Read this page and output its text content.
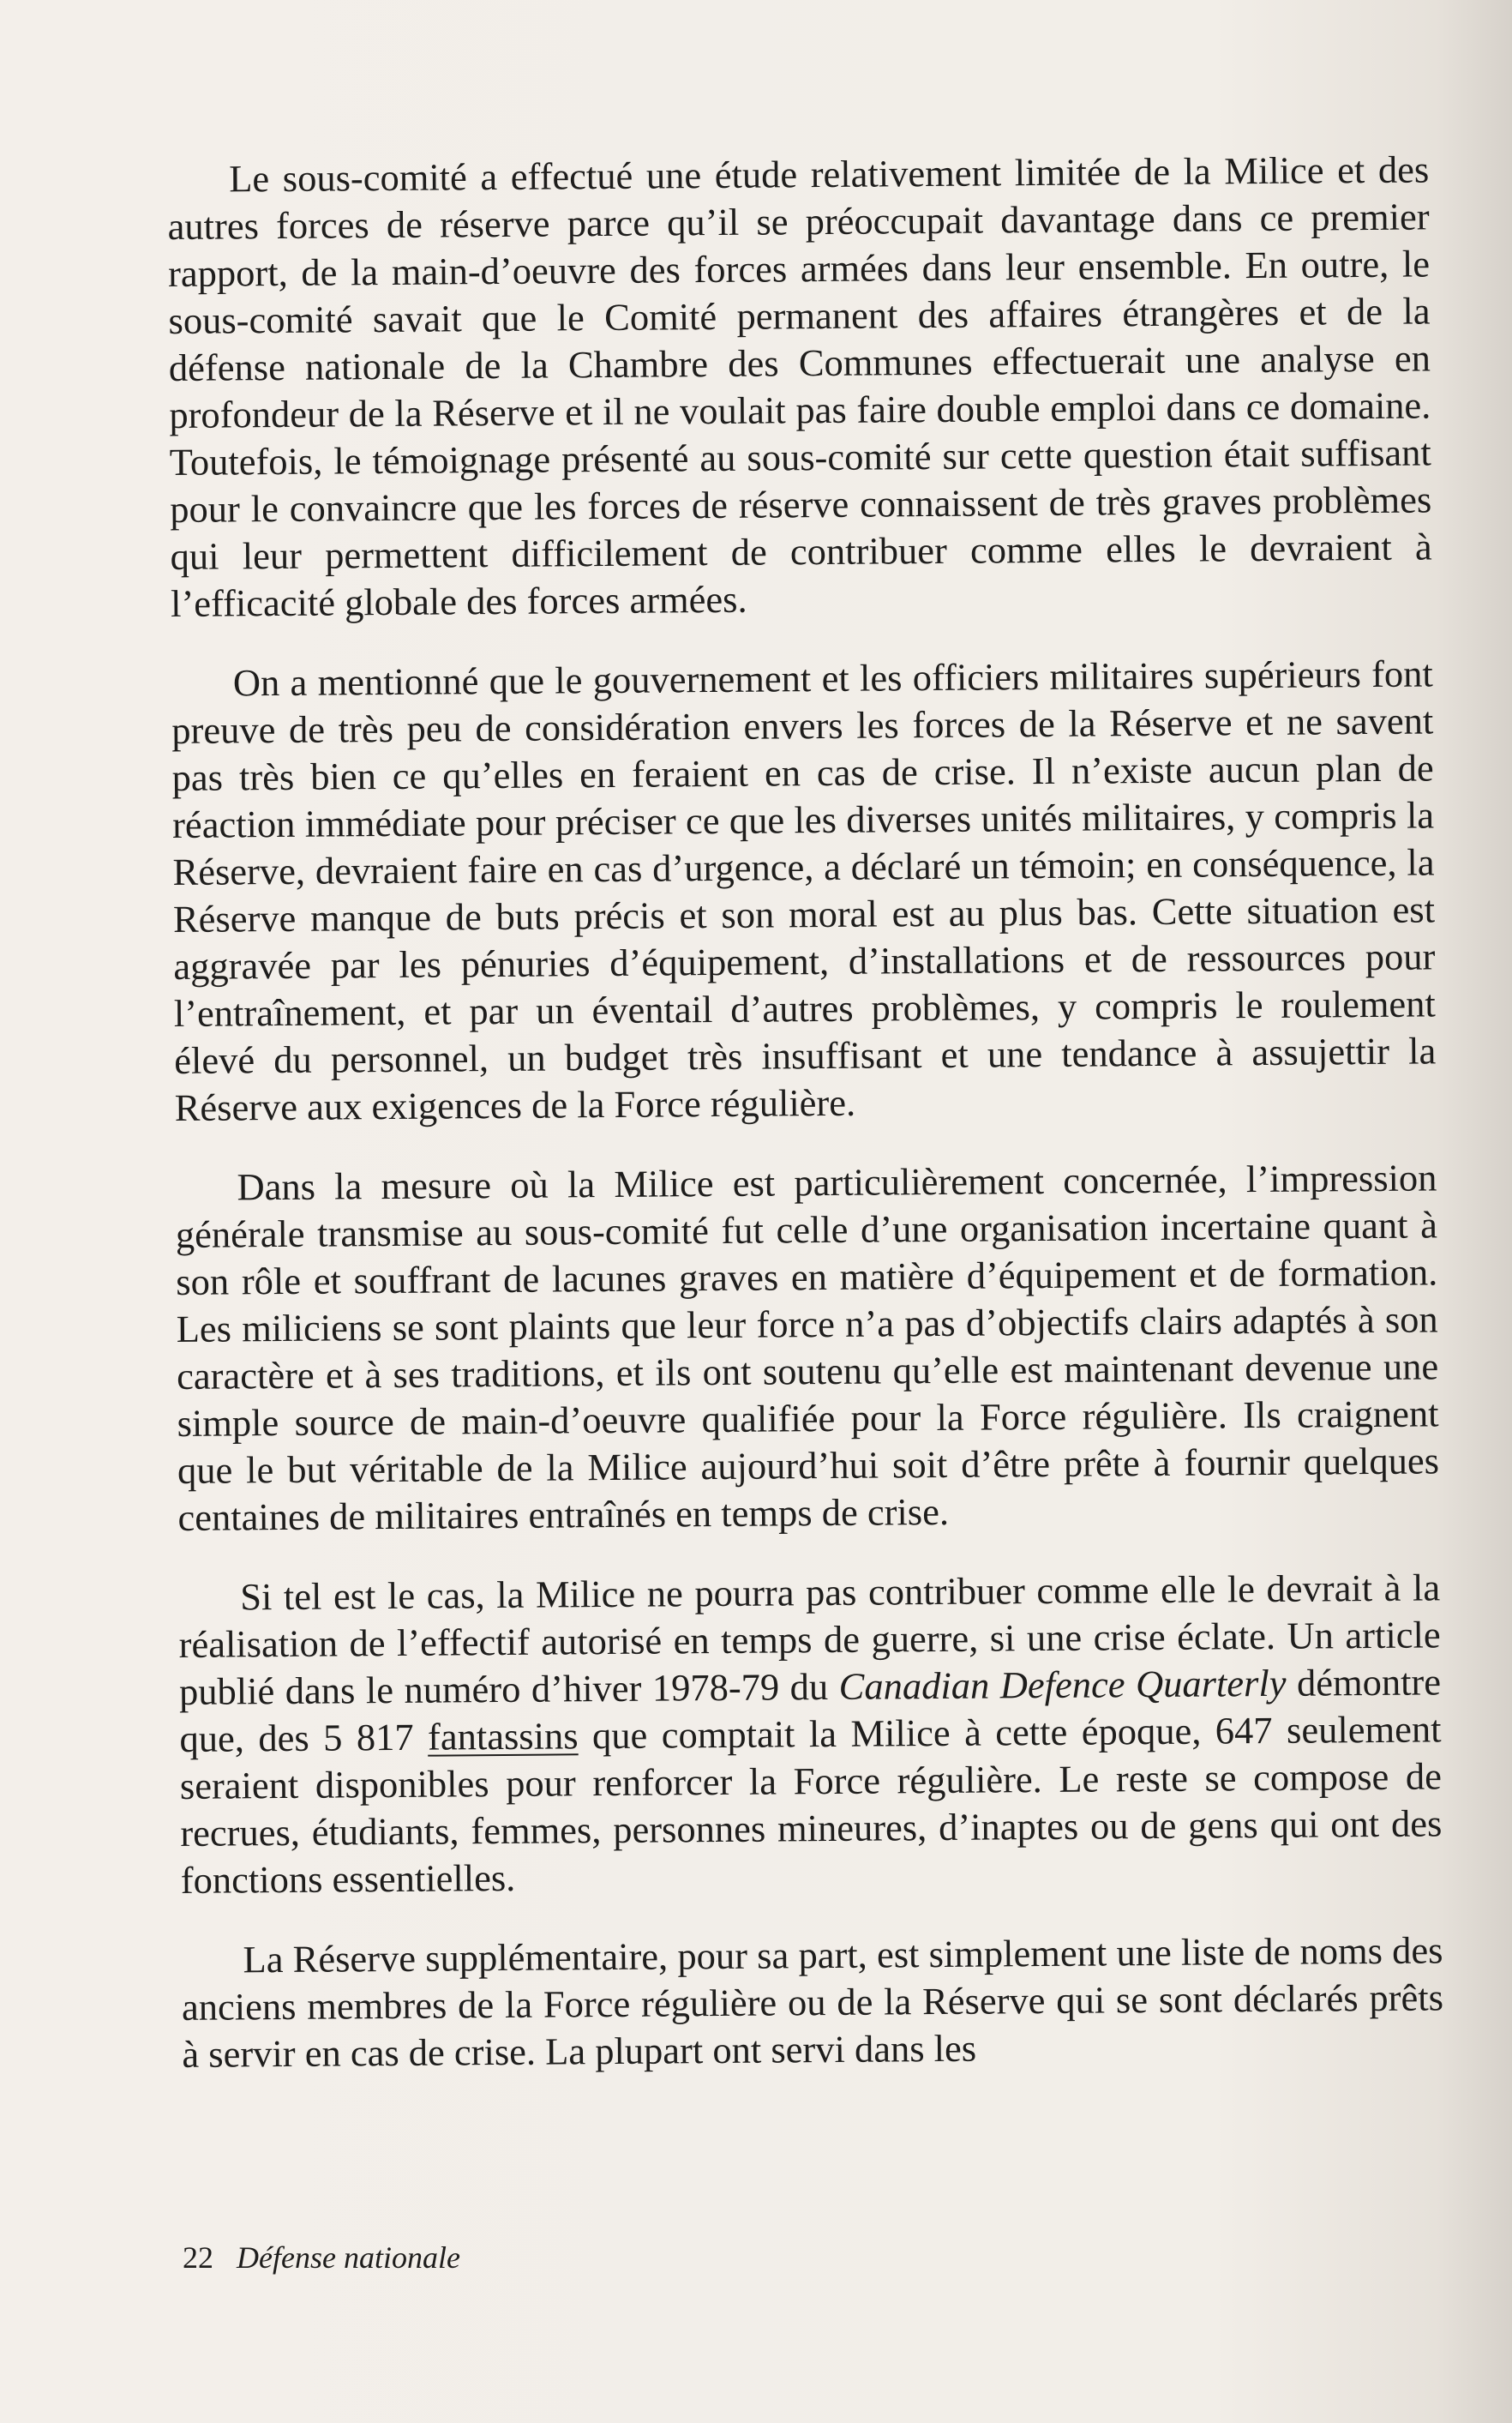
Le sous-comité a effectué une étude relativement limitée de la Milice et des autres forces de réserve parce qu’il se préoccupait davantage dans ce premier rapport, de la main-d’oeuvre des forces armées dans leur ensemble. En outre, le sous-comité savait que le Comité permanent des affaires étrangères et de la défense nationale de la Chambre des Communes effectuerait une analyse en profondeur de la Réserve et il ne voulait pas faire double emploi dans ce domaine. Toutefois, le témoignage présenté au sous-comité sur cette question était suffisant pour le convaincre que les forces de réserve connaissent de très graves problèmes qui leur permettent difficilement de contribuer comme elles le devraient à l’efficacité globale des forces armées.

On a mentionné que le gouvernement et les officiers militaires supérieurs font preuve de très peu de considération envers les forces de la Réserve et ne savent pas très bien ce qu’elles en feraient en cas de crise. Il n’existe aucun plan de réaction immédiate pour préciser ce que les diverses unités militaires, y compris la Réserve, devraient faire en cas d’urgence, a déclaré un témoin; en conséquence, la Réserve manque de buts précis et son moral est au plus bas. Cette situation est aggravée par les pénuries d’équipement, d’installations et de ressources pour l’entraînement, et par un éventail d’autres problèmes, y compris le roulement élevé du personnel, un budget très insuffisant et une tendance à assujettir la Réserve aux exigences de la Force régulière.

Dans la mesure où la Milice est particulièrement concernée, l’impression générale transmise au sous-comité fut celle d’une organisation incertaine quant à son rôle et souffrant de lacunes graves en matière d’équipement et de formation. Les miliciens se sont plaints que leur force n’a pas d’objectifs clairs adaptés à son caractère et à ses traditions, et ils ont soutenu qu’elle est maintenant devenue une simple source de main-d’oeuvre qualifiée pour la Force régulière. Ils craignent que le but véritable de la Milice aujourd’hui soit d’être prête à fournir quelques centaines de militaires entraînés en temps de crise.

Si tel est le cas, la Milice ne pourra pas contribuer comme elle le devrait à la réalisation de l’effectif autorisé en temps de guerre, si une crise éclate. Un article publié dans le numéro d’hiver 1978-79 du Canadian Defence Quarterly démontre que, des 5 817 fantassins que comptait la Milice à cette époque, 647 seulement seraient disponibles pour renforcer la Force régulière. Le reste se compose de recrues, étudiants, femmes, personnes mineures, d’inaptes ou de gens qui ont des fonctions essentielles.

La Réserve supplémentaire, pour sa part, est simplement une liste de noms des anciens membres de la Force régulière ou de la Réserve qui se sont déclarés prêts à servir en cas de crise. La plupart ont servi dans les

22 Défense nationale
